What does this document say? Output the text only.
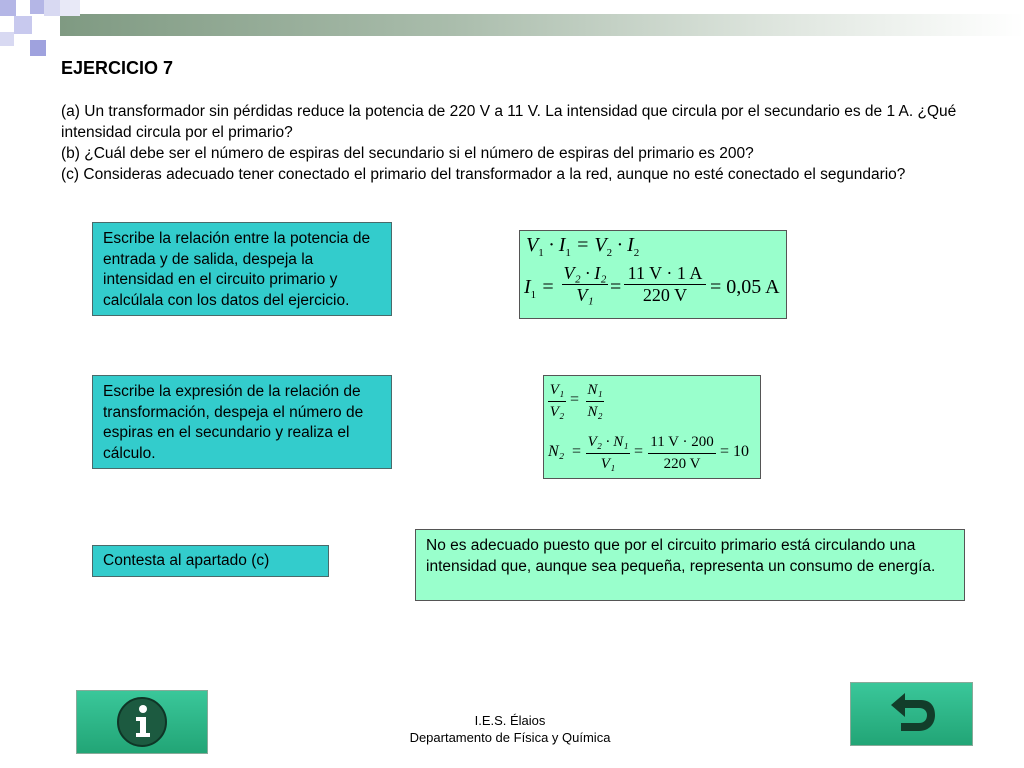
EJERCICIO 7

(a) Un transformador sin pérdidas reduce la potencia de 220 V a 11 V. La intensidad que circula por el secundario es de 1 A. ¿Qué intensidad circula por el primario?

(b) ¿Cuál debe ser el número de espiras del secundario si el número de espiras del primario es 200?

(c) Consideras adecuado tener conectado el primario del transformador a la red, aunque no esté conectado el segundario?

Escribe la relación entre la potencia de entrada y de salida, despeja la intensidad en el circuito primario y calcúlala con los datos del ejercicio.
$V_1 \cdot I_1 = V_2 \cdot I_2$
$I_1$ =
V₂ · I₂
V₁ =
11 V · 1 A
220 V	= 0,05 A
Escribe la expresión de la relación de transformación, despeja el número de espiras en el secundario y realiza el cálculo.
V₁
V₂
=
N₁
N₂
N₂ =
V₂ · N₁
V₁
=
11 V · 200
220 V
= 10
Contesta al apartado (c)
No es adecuado puesto que por el circuito primario está circulando una intensidad que, aunque sea pequeña, representa un consumo de energía.
I.E.S. Élaios
Departamento de Física y Química
